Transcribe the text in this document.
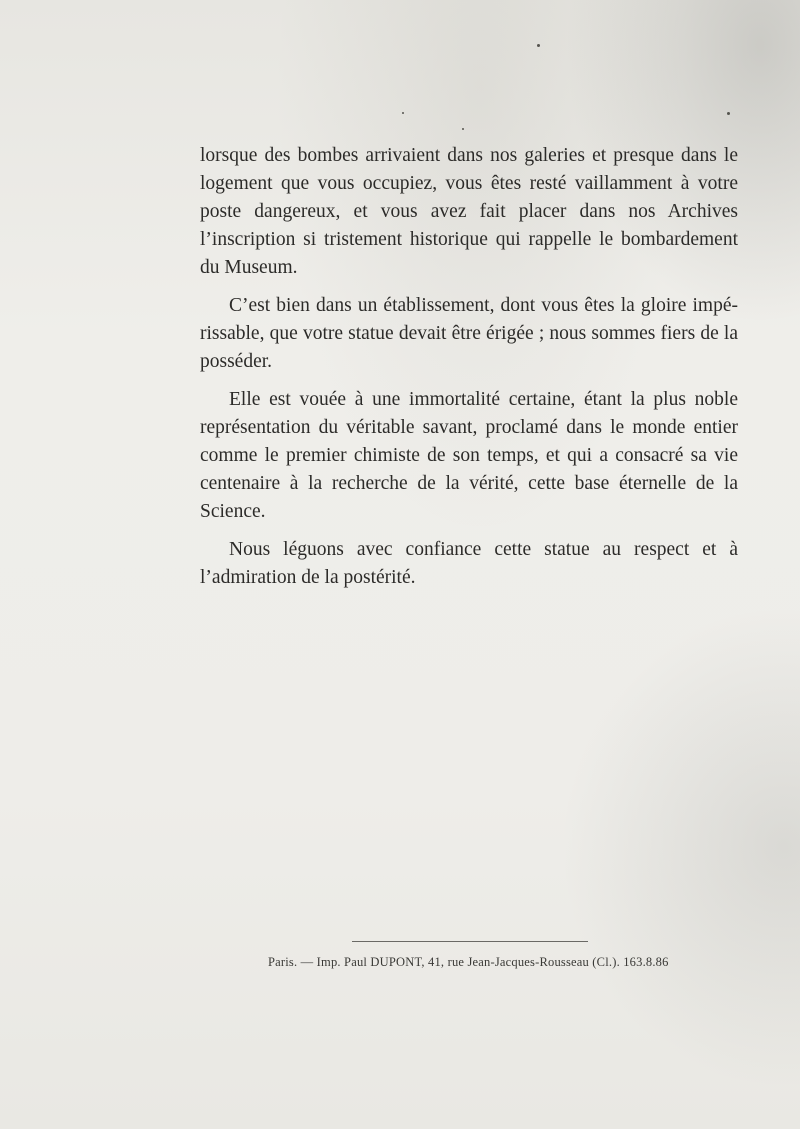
lorsque des bombes arrivaient dans nos galeries et presque dans le logement que vous occupiez, vous êtes resté vaillamment à votre poste dangereux, et vous avez fait placer dans nos Archives l’inscription si tristement historique qui rappelle le bombardement du Museum.

C’est bien dans un établissement, dont vous êtes la gloire impérissable, que votre statue devait être érigée ; nous sommes fiers de la posséder.

Elle est vouée à une immortalité certaine, étant la plus noble représentation du véritable savant, proclamé dans le monde entier comme le premier chimiste de son temps, et qui a consacré sa vie centenaire à la recherche de la vérité, cette base éternelle de la Science.

Nous léguons avec confiance cette statue au respect et à l’admiration de la postérité.

Paris. — Imp. Paul DUPONT, 41, rue Jean-Jacques-Rousseau (Cl.). 163.8.86
